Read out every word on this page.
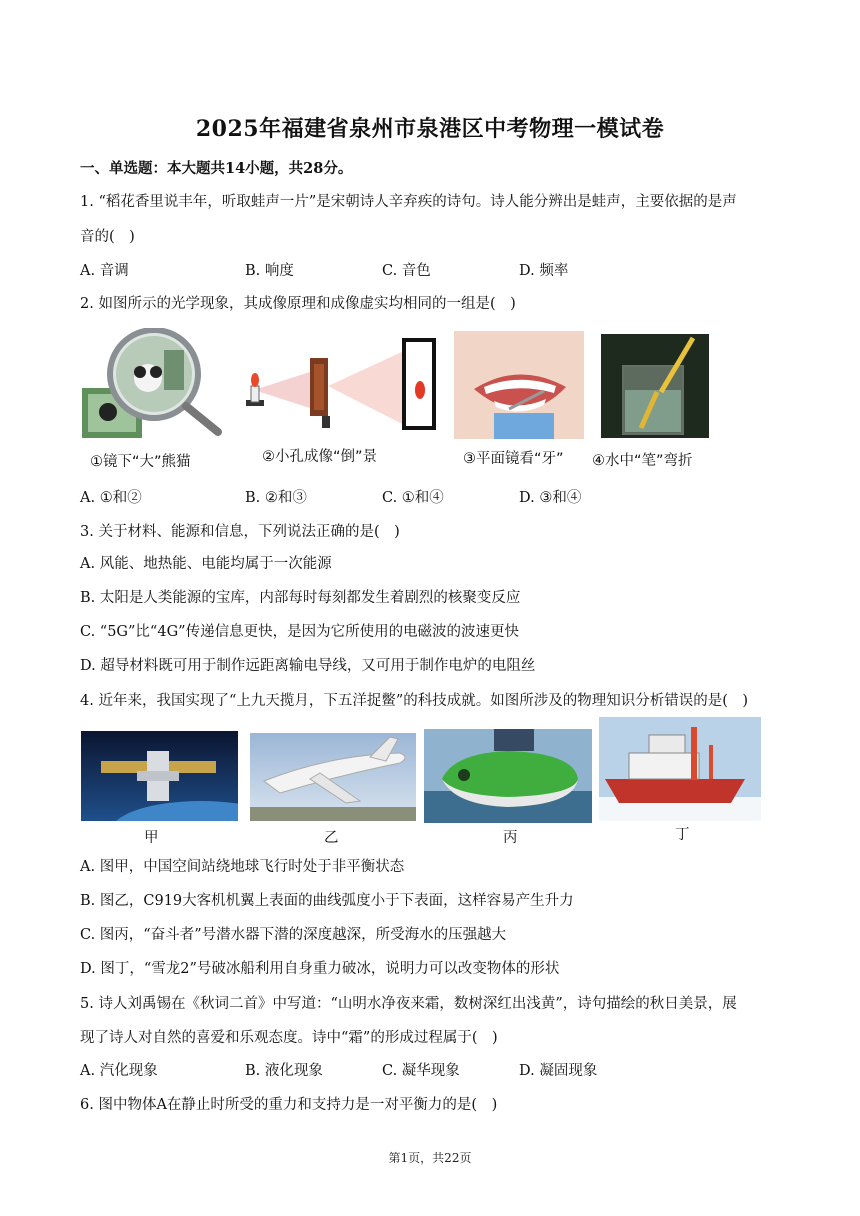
2025年福建省泉州市泉港区中考物理一模试卷
一、单选题：本大题共14小题，共28分。
1. “稻花香里说丰年，听取蛙声一片”是宋朝诗人辛弃疾的诗句。诗人能分辨出是蛙声，主要依据的是声
音的(　)
A. 音调	B. 响度	C. 音色	D. 频率
2. 如图所示的光学现象，其成像原理和成像虚实均相同的一组是(　)
①镜下“大”熊猫	②小孔成像“倒”景	③平面镜看“牙” ④水中“笔”弯折
A. ①和②	B. ②和③	C. ①和④	D. ③和④
3. 关于材料、能源和信息，下列说法正确的是(　)
A. 风能、地热能、电能均属于一次能源
B. 太阳是人类能源的宝库，内部每时每刻都发生着剧烈的核聚变反应
C. “5G”比“4G”传递信息更快，是因为它所使用的电磁波的波速更快
D. 超导材料既可用于制作远距离输电导线，又可用于制作电炉的电阻丝
4. 近年来，我国实现了“上九天揽月，下五洋捉鳖”的科技成就。如图所涉及的物理知识分析错误的是(　)
甲	乙	丙	丁
A. 图甲，中国空间站绕地球飞行时处于非平衡状态
B. 图乙，C919大客机机翼上表面的曲线弧度小于下表面，这样容易产生升力
C. 图丙，“奋斗者”号潜水器下潜的深度越深，所受海水的压强越大
D. 图丁，“雪龙2”号破冰船利用自身重力破冰，说明力可以改变物体的形状
5. 诗人刘禹锡在《秋词二首》中写道：“山明水净夜来霜，数树深红出浅黄”，诗句描绘的秋日美景，展
现了诗人对自然的喜爱和乐观态度。诗中“霜”的形成过程属于(　)
A. 汽化现象	B. 液化现象	C. 凝华现象	D. 凝固现象
6. 图中物体A在静止时所受的重力和支持力是一对平衡力的是(　)
第1页，共22页
